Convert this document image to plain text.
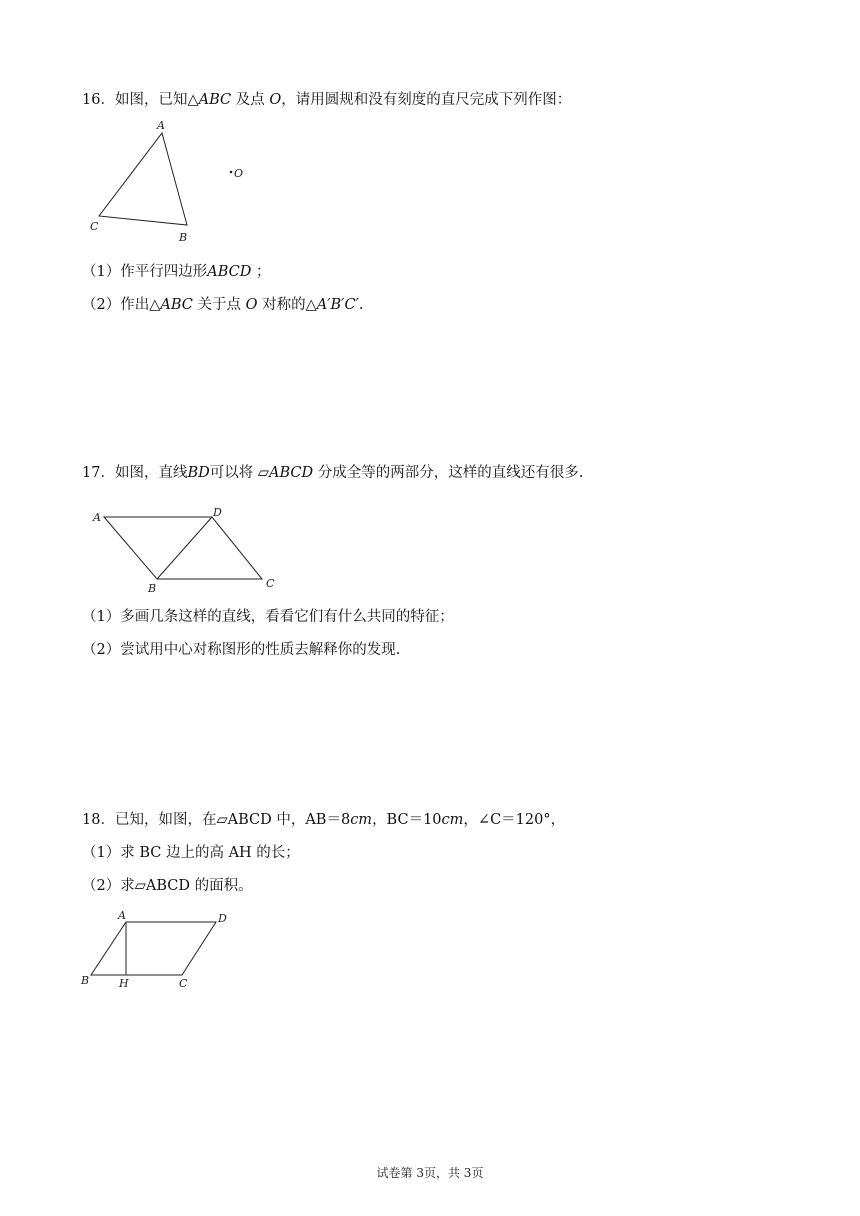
16．如图，已知△ABC 及点 O，请用圆规和没有刻度的直尺完成下列作图：
A
B
C
O
（1）作平行四边形ABCD ；
（2）作出△ABC 关于点 O 对称的△A′B′C′.
17．如图，直线BD可以将 ▱ABCD 分成全等的两部分，这样的直线还有很多.
A	D
B	C
（1）多画几条这样的直线，看看它们有什么共同的特征；
（2）尝试用中心对称图形的性质去解释你的发现.
18．已知，如图，在▱ABCD 中，AB＝8cm，BC＝10cm，∠C＝120°，
（1）求 BC 边上的高 AH 的长；
（2）求▱ABCD 的面积。
A	D
B	H	C
试卷第 3页，共 3页
